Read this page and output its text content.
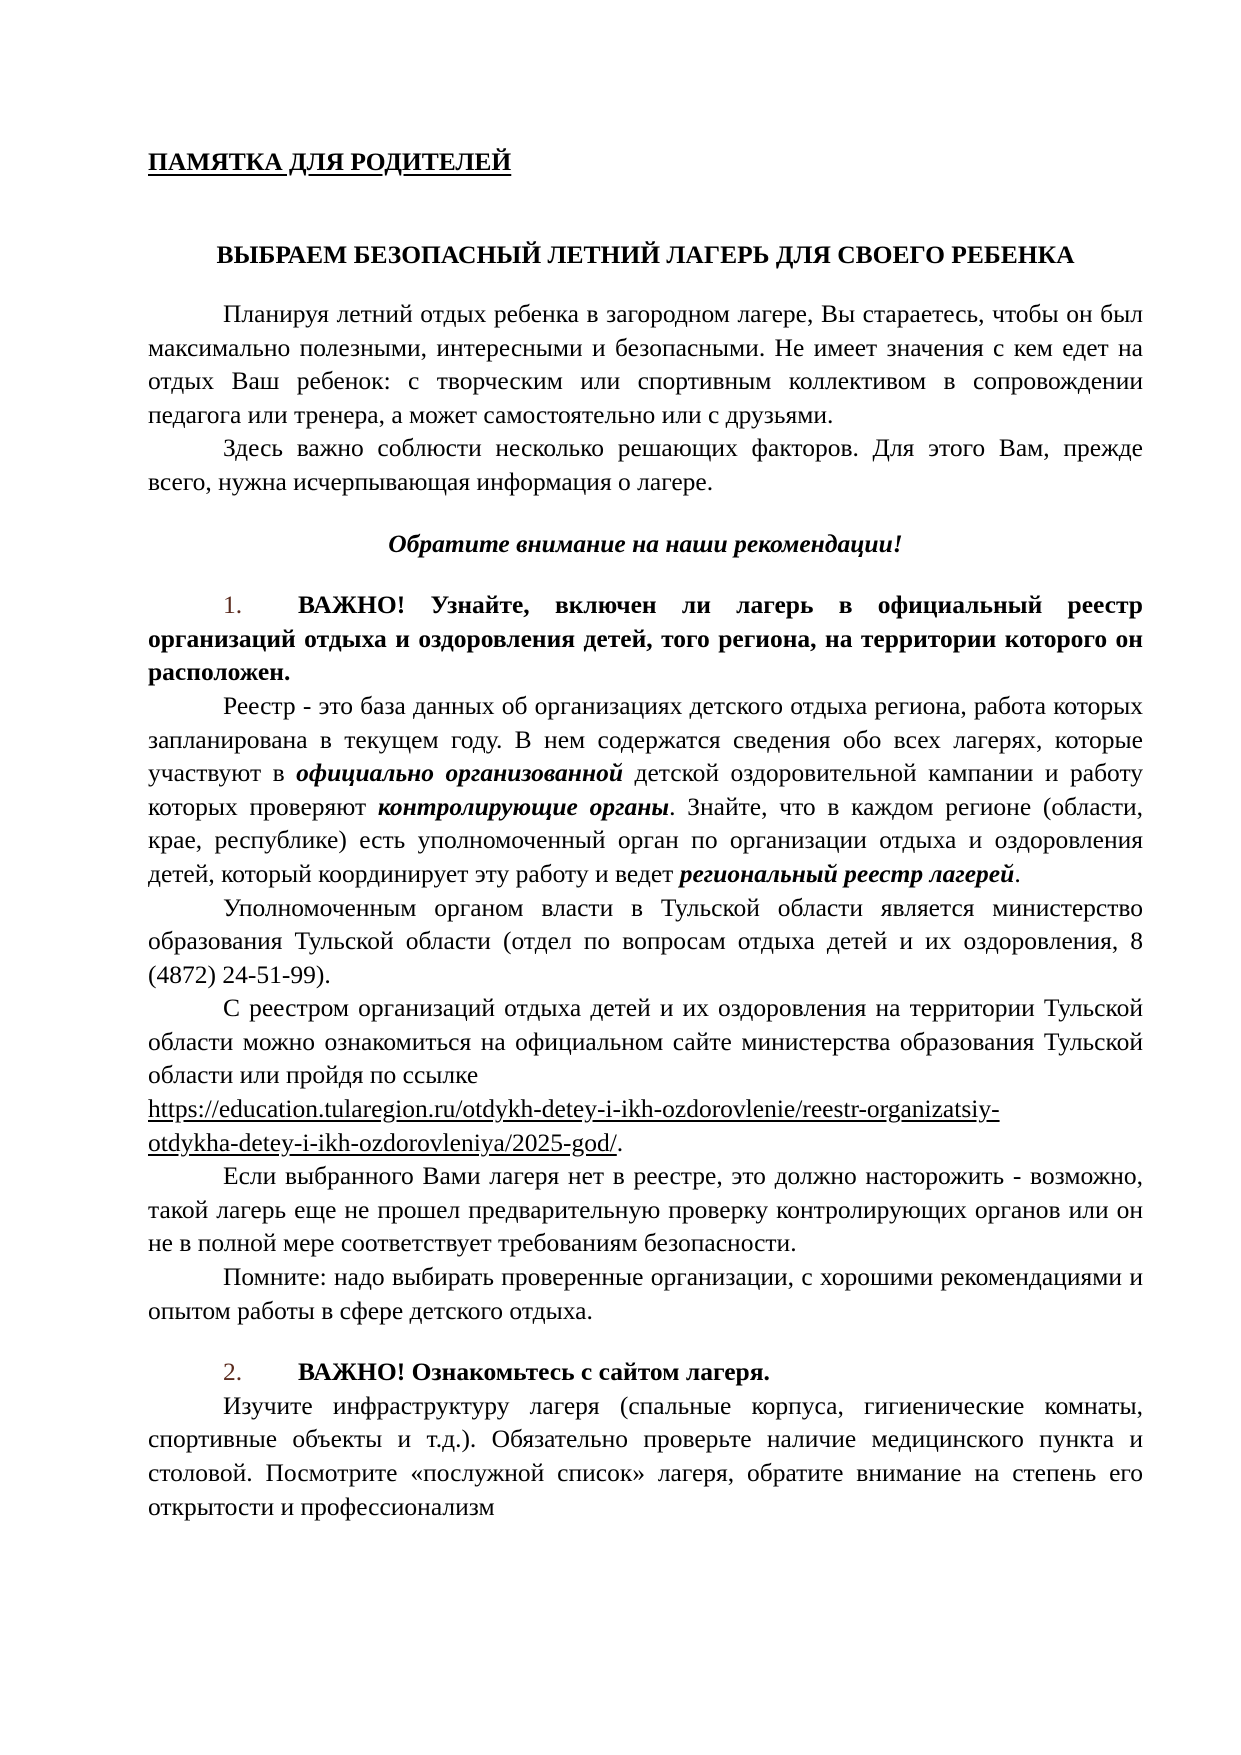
ПАМЯТКА ДЛЯ РОДИТЕЛЕЙ
ВЫБРАЕМ БЕЗОПАСНЫЙ ЛЕТНИЙ ЛАГЕРЬ ДЛЯ СВОЕГО РЕБЕНКА

Планируя летний отдых ребенка в загородном лагере, Вы стараетесь, чтобы он был максимально полезными, интересными и безопасными. Не имеет значения с кем едет на отдых Ваш ребенок: с творческим или спортивным коллективом в сопровождении педагога или тренера, а может самостоятельно или с друзьями.

Здесь важно соблюсти несколько решающих факторов. Для этого Вам, прежде всего, нужна исчерпывающая информация о лагере.

Обратите внимание на наши рекомендации!

1. ВАЖНО! Узнайте, включен ли лагерь в официальный реестр организаций отдыха и оздоровления детей, того региона, на территории которого он расположен.

Реестр - это база данных об организациях детского отдыха региона, работа которых запланирована в текущем году. В нем содержатся сведения обо всех лагерях, которые участвуют в официально организованной детской оздоровительной кампании и работу которых проверяют контролирующие органы. Знайте, что в каждом регионе (области, крае, республике) есть уполномоченный орган по организации отдыха и оздоровления детей, который координирует эту работу и ведет региональный реестр лагерей.

Уполномоченным органом власти в Тульской области является министерство образования Тульской области (отдел по вопросам отдыха детей и их оздоровления, 8 (4872) 24-51-99).

С реестром организаций отдыха детей и их оздоровления на территории Тульской области можно ознакомиться на официальном сайте министерства образования Тульской области или пройдя по ссылке

https://education.tularegion.ru/otdykh-detey-i-ikh-ozdorovlenie/reestr-organizatsiy-

otdykha-detey-i-ikh-ozdorovleniya/2025-god/.

Если выбранного Вами лагеря нет в реестре, это должно насторожить - возможно, такой лагерь еще не прошел предварительную проверку контролирующих органов или он не в полной мере соответствует требованиям безопасности.

Помните: надо выбирать проверенные организации, с хорошими рекомендациями и опытом работы в сфере детского отдыха.

2. ВАЖНО! Ознакомьтесь с сайтом лагеря.

Изучите инфраструктуру лагеря (спальные корпуса, гигиенические комнаты, спортивные объекты и т.д.). Обязательно проверьте наличие медицинского пункта и столовой. Посмотрите «послужной список» лагеря, обратите внимание на степень его открытости и профессионализм
